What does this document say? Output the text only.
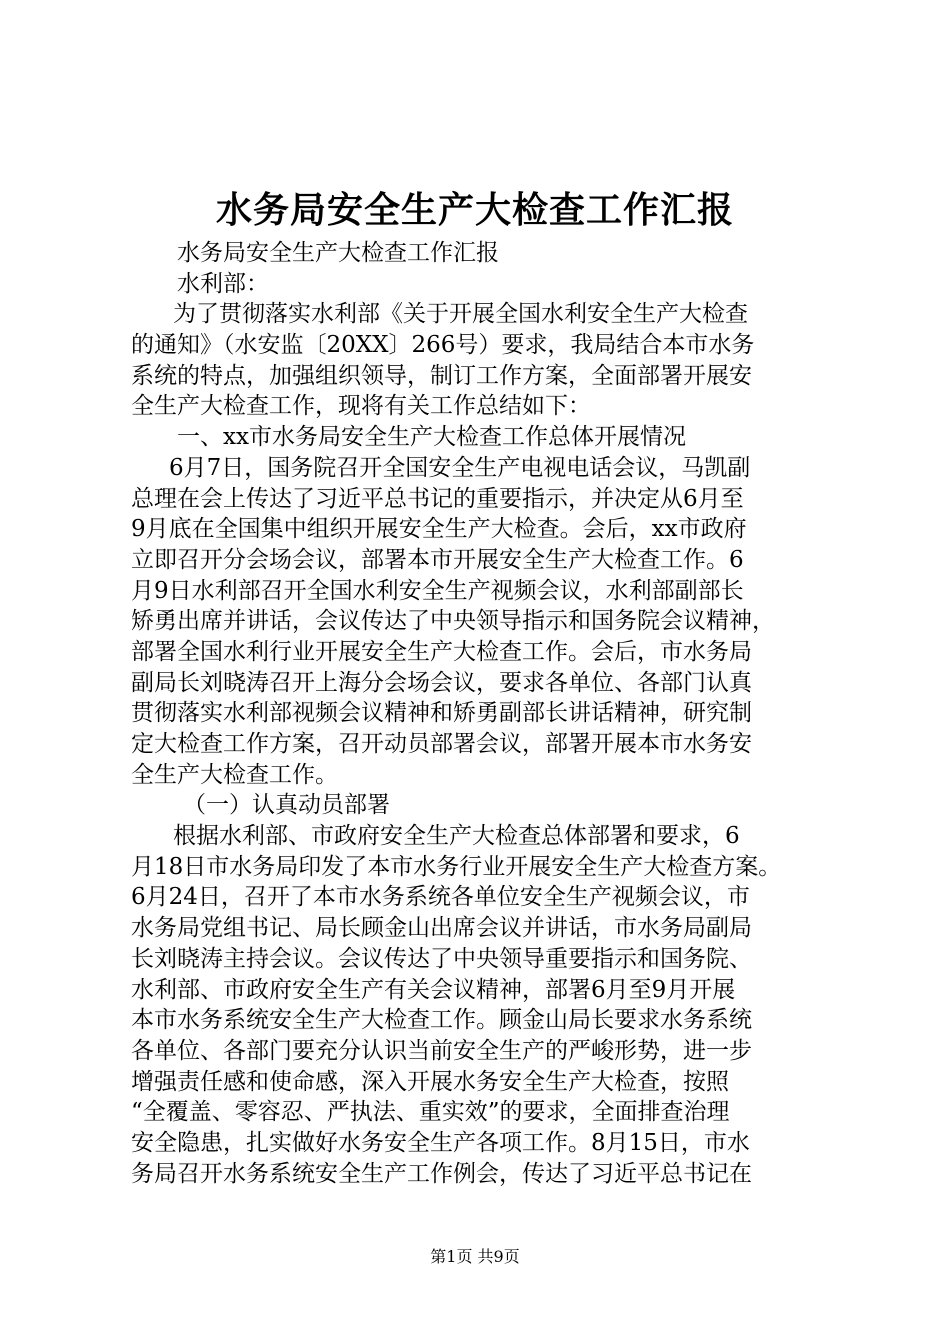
水务局安全生产大检查工作汇报
水务局安全生产大检查工作汇报
水利部：
为了贯彻落实水利部《关于开展全国水利安全生产大检查
的通知》（水安监〔20XX〕266号）要求，我局结合本市水务
系统的特点，加强组织领导，制订工作方案，全面部署开展安
全生产大检查工作，现将有关工作总结如下：
一、xx市水务局安全生产大检查工作总体开展情况
6月7日，国务院召开全国安全生产电视电话会议，马凯副
总理在会上传达了习近平总书记的重要指示，并决定从6月至
9月底在全国集中组织开展安全生产大检查。会后，xx市政府
立即召开分会场会议，部署本市开展安全生产大检查工作。6
月9日水利部召开全国水利安全生产视频会议，水利部副部长
矫勇出席并讲话，会议传达了中央领导指示和国务院会议精神，
部署全国水利行业开展安全生产大检查工作。会后，市水务局
副局长刘晓涛召开上海分会场会议，要求各单位、各部门认真
贯彻落实水利部视频会议精神和矫勇副部长讲话精神，研究制
定大检查工作方案，召开动员部署会议，部署开展本市水务安
全生产大检查工作。
（一）认真动员部署
根据水利部、市政府安全生产大检查总体部署和要求，6
月18日市水务局印发了本市水务行业开展安全生产大检查方案。
6月24日，召开了本市水务系统各单位安全生产视频会议，市
水务局党组书记、局长顾金山出席会议并讲话，市水务局副局
长刘晓涛主持会议。会议传达了中央领导重要指示和国务院、
水利部、市政府安全生产有关会议精神，部署6月至9月开展
本市水务系统安全生产大检查工作。顾金山局长要求水务系统
各单位、各部门要充分认识当前安全生产的严峻形势，进一步
增强责任感和使命感，深入开展水务安全生产大检查，按照
“全覆盖、零容忍、严执法、重实效”的要求，全面排查治理
安全隐患，扎实做好水务安全生产各项工作。8月15日，市水
务局召开水务系统安全生产工作例会，传达了习近平总书记在
第1页 共9页
